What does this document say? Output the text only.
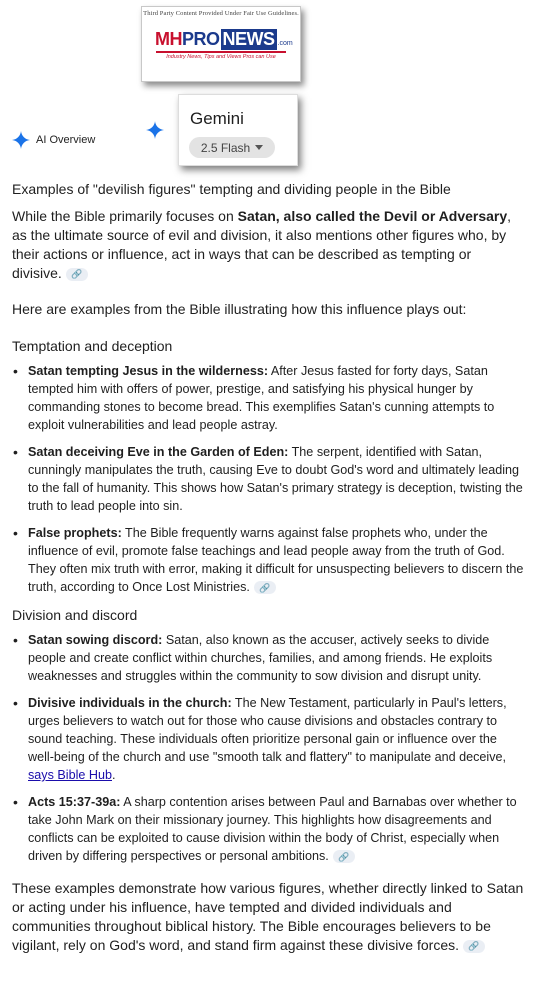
Third Party Content Provided Under Fair Use Guidelines.
MH PRO NEWS .com
Industry News, Tips and Views Pros can Use
AI Overview
Gemini
2.5 Flash
Examples of "devilish figures" tempting and dividing people in the Bible

While the Bible primarily focuses on Satan, also called the Devil or Adversary, as the ultimate source of evil and division, it also mentions other figures who, by their actions or influence, act in ways that can be described as tempting or divisive. 🔗

Here are examples from the Bible illustrating how this influence plays out:

Temptation and deception

• Satan tempting Jesus in the wilderness: After Jesus fasted for forty days, Satan tempted him with offers of power, prestige, and satisfying his physical hunger by commanding stones to become bread. This exemplifies Satan's cunning attempts to exploit vulnerabilities and lead people astray.
• Satan deceiving Eve in the Garden of Eden: The serpent, identified with Satan, cunningly manipulates the truth, causing Eve to doubt God's word and ultimately leading to the fall of humanity. This shows how Satan's primary strategy is deception, twisting the truth to lead people into sin.
• False prophets: The Bible frequently warns against false prophets who, under the influence of evil, promote false teachings and lead people away from the truth of God. They often mix truth with error, making it difficult for unsuspecting believers to discern the truth, according to Once Lost Ministries. 🔗

Division and discord

• Satan sowing discord: Satan, also known as the accuser, actively seeks to divide people and create conflict within churches, families, and among friends. He exploits weaknesses and struggles within the community to sow division and disrupt unity.
• Divisive individuals in the church: The New Testament, particularly in Paul's letters, urges believers to watch out for those who cause divisions and obstacles contrary to sound teaching. These individuals often prioritize personal gain or influence over the well-being of the church and use "smooth talk and flattery" to manipulate and deceive, says Bible Hub.
• Acts 15:37-39a: A sharp contention arises between Paul and Barnabas over whether to take John Mark on their missionary journey. This highlights how disagreements and conflicts can be exploited to cause division within the body of Christ, especially when driven by differing perspectives or personal ambitions. 🔗

These examples demonstrate how various figures, whether directly linked to Satan or acting under his influence, have tempted and divided individuals and communities throughout biblical history. The Bible encourages believers to be vigilant, rely on God's word, and stand firm against these divisive forces. 🔗
